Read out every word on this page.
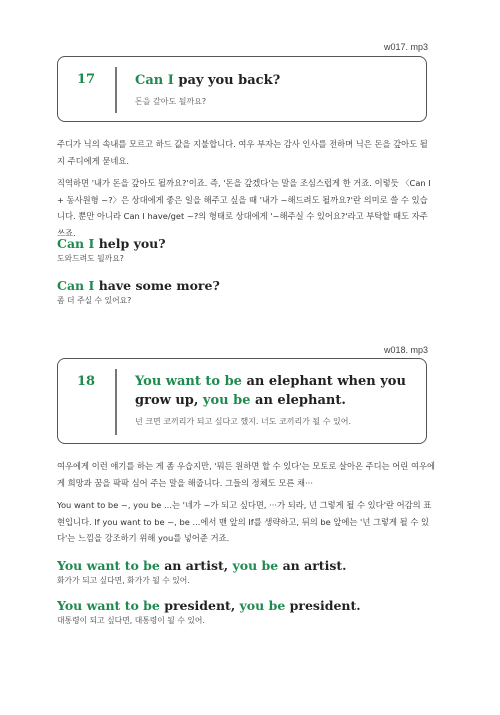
w017. mp3
17	Can I pay you back?
돈을 갚아도 될까요?

주디가 닉의 속내를 모르고 하드 값을 지불합니다. 여우 부자는 감사 인사를 전하며 닉은 돈을 갚아도 될지 주디에게 묻네요.

직역하면 '내가 돈을 갚아도 될까요?'이죠. 즉, '돈을 갚겠다'는 말을 조심스럽게 한 거죠. 이렇듯 〈Can I + 동사원형 ~?〉은 상대에게 좋은 일을 해주고 싶을 때 '내가 ~해드려도 될까요?'란 의미로 쓸 수 있습니다. 뿐만 아니라 Can I have/get ~?의 형태로 상대에게 '~해주실 수 있어요?'라고 부탁할 때도 자주 쓰죠.

Can I help you?
도와드려도 될까요?
Can I have some more?
좀 더 주실 수 있어요?
w018. mp3
18	You want to be an elephant when you grow up, you be an elephant.
넌 크면 코끼리가 되고 싶다고 했지. 너도 코끼리가 될 수 있어.

여우에게 이런 얘기를 하는 게 좀 우습지만, '뭐든 원하면 할 수 있다'는 모토로 살아온 주디는 어린 여우에게 희망과 꿈을 팍팍 심어 주는 말을 해줍니다. 그들의 정체도 모른 채···

You want to be ~, you be ...는 '네가 ~가 되고 싶다면, ···가 되라, 넌 그렇게 될 수 있다'란 어감의 표현입니다. If you want to be ~, be ...에서 맨 앞의 If를 생략하고, 뒤의 be 앞에는 '넌 그렇게 될 수 있다'는 느낌을 강조하기 위해 you를 넣어준 거죠.

You want to be an artist, you be an artist.
화가가 되고 싶다면, 화가가 될 수 있어.
You want to be president, you be president.
대통령이 되고 싶다면, 대통령이 될 수 있어.
